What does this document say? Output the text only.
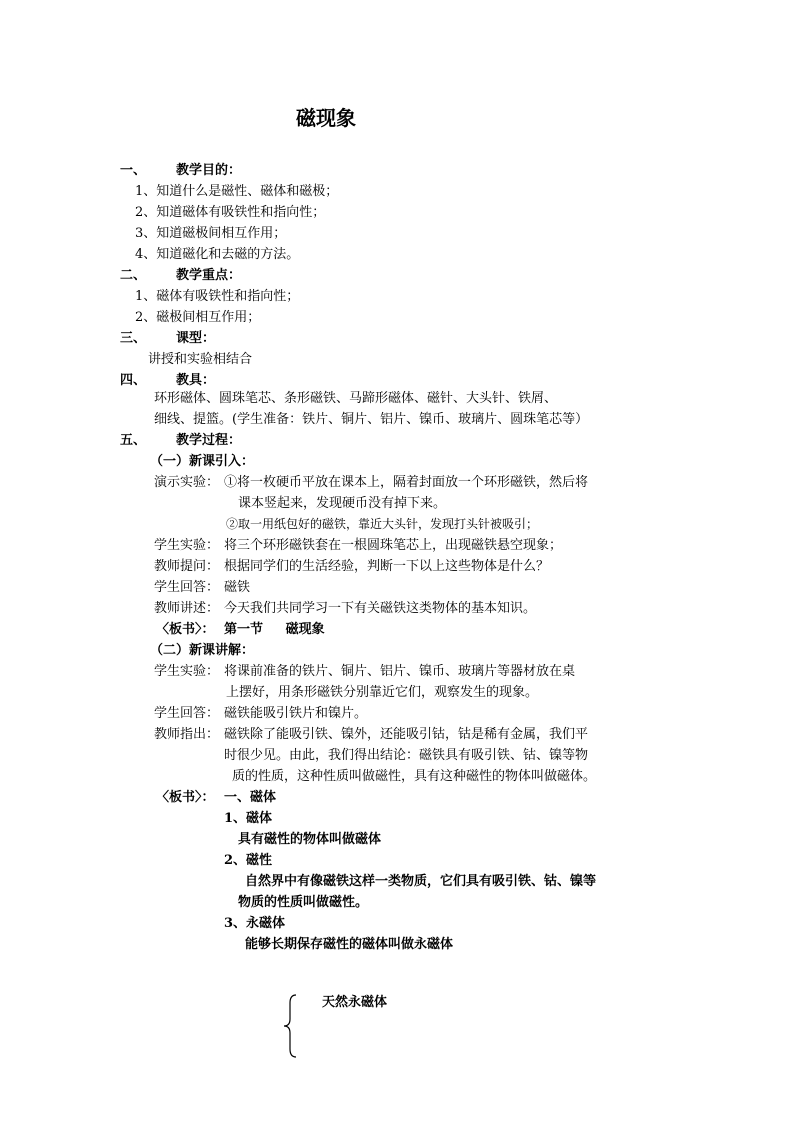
磁现象
一、 教学目的：
1、知道什么是磁性、磁体和磁极；
2、知道磁体有吸铁性和指向性；
3、知道磁极间相互作用；
4、知道磁化和去磁的方法。
二、 教学重点：
1、磁体有吸铁性和指向性；
2、磁极间相互作用；
三、 课型：
讲授和实验相结合
四、 教具：
环形磁体、圆珠笔芯、条形磁铁、马蹄形磁体、磁针、大头针、铁屑、
细线、提篮。(学生准备：铁片、铜片、铝片、镍币、玻璃片、圆珠笔芯等）
五、 教学过程：
（一）新课引入：
演示实验： ①将一枚硬币平放在课本上，隔着封面放一个环形磁铁，然后将
课本竖起来，发现硬币没有掉下来。
②取一用纸包好的磁铁，靠近大头针，发现打头针被吸引；
学生实验： 将三个环形磁铁套在一根圆珠笔芯上，出现磁铁悬空现象；
教师提问： 根据同学们的生活经验，判断一下以上这些物体是什么？
学生回答： 磁铁
教师讲述： 今天我们共同学习一下有关磁铁这类物体的基本知识。
〈板书〉： 第一节     磁现象
（二）新课讲解：
学生实验： 将课前准备的铁片、铜片、铝片、镍币、玻璃片等器材放在桌
上摆好，用条形磁铁分别靠近它们，观察发生的现象。
学生回答： 磁铁能吸引铁片和镍片。
教师指出： 磁铁除了能吸引铁、镍外，还能吸引钴，钴是稀有金属，我们平
时很少见。由此，我们得出结论：磁铁具有吸引铁、钴、镍等物
质的性质，这种性质叫做磁性，具有这种磁性的物体叫做磁体。
〈板书〉： 一、磁体
1、磁体
具有磁性的物体叫做磁体
2、磁性
自然界中有像磁铁这样一类物质，它们具有吸引铁、钴、镍等
物质的性质叫做磁性。
3、永磁体
能够长期保存磁性的磁体叫做永磁体
天然永磁体
